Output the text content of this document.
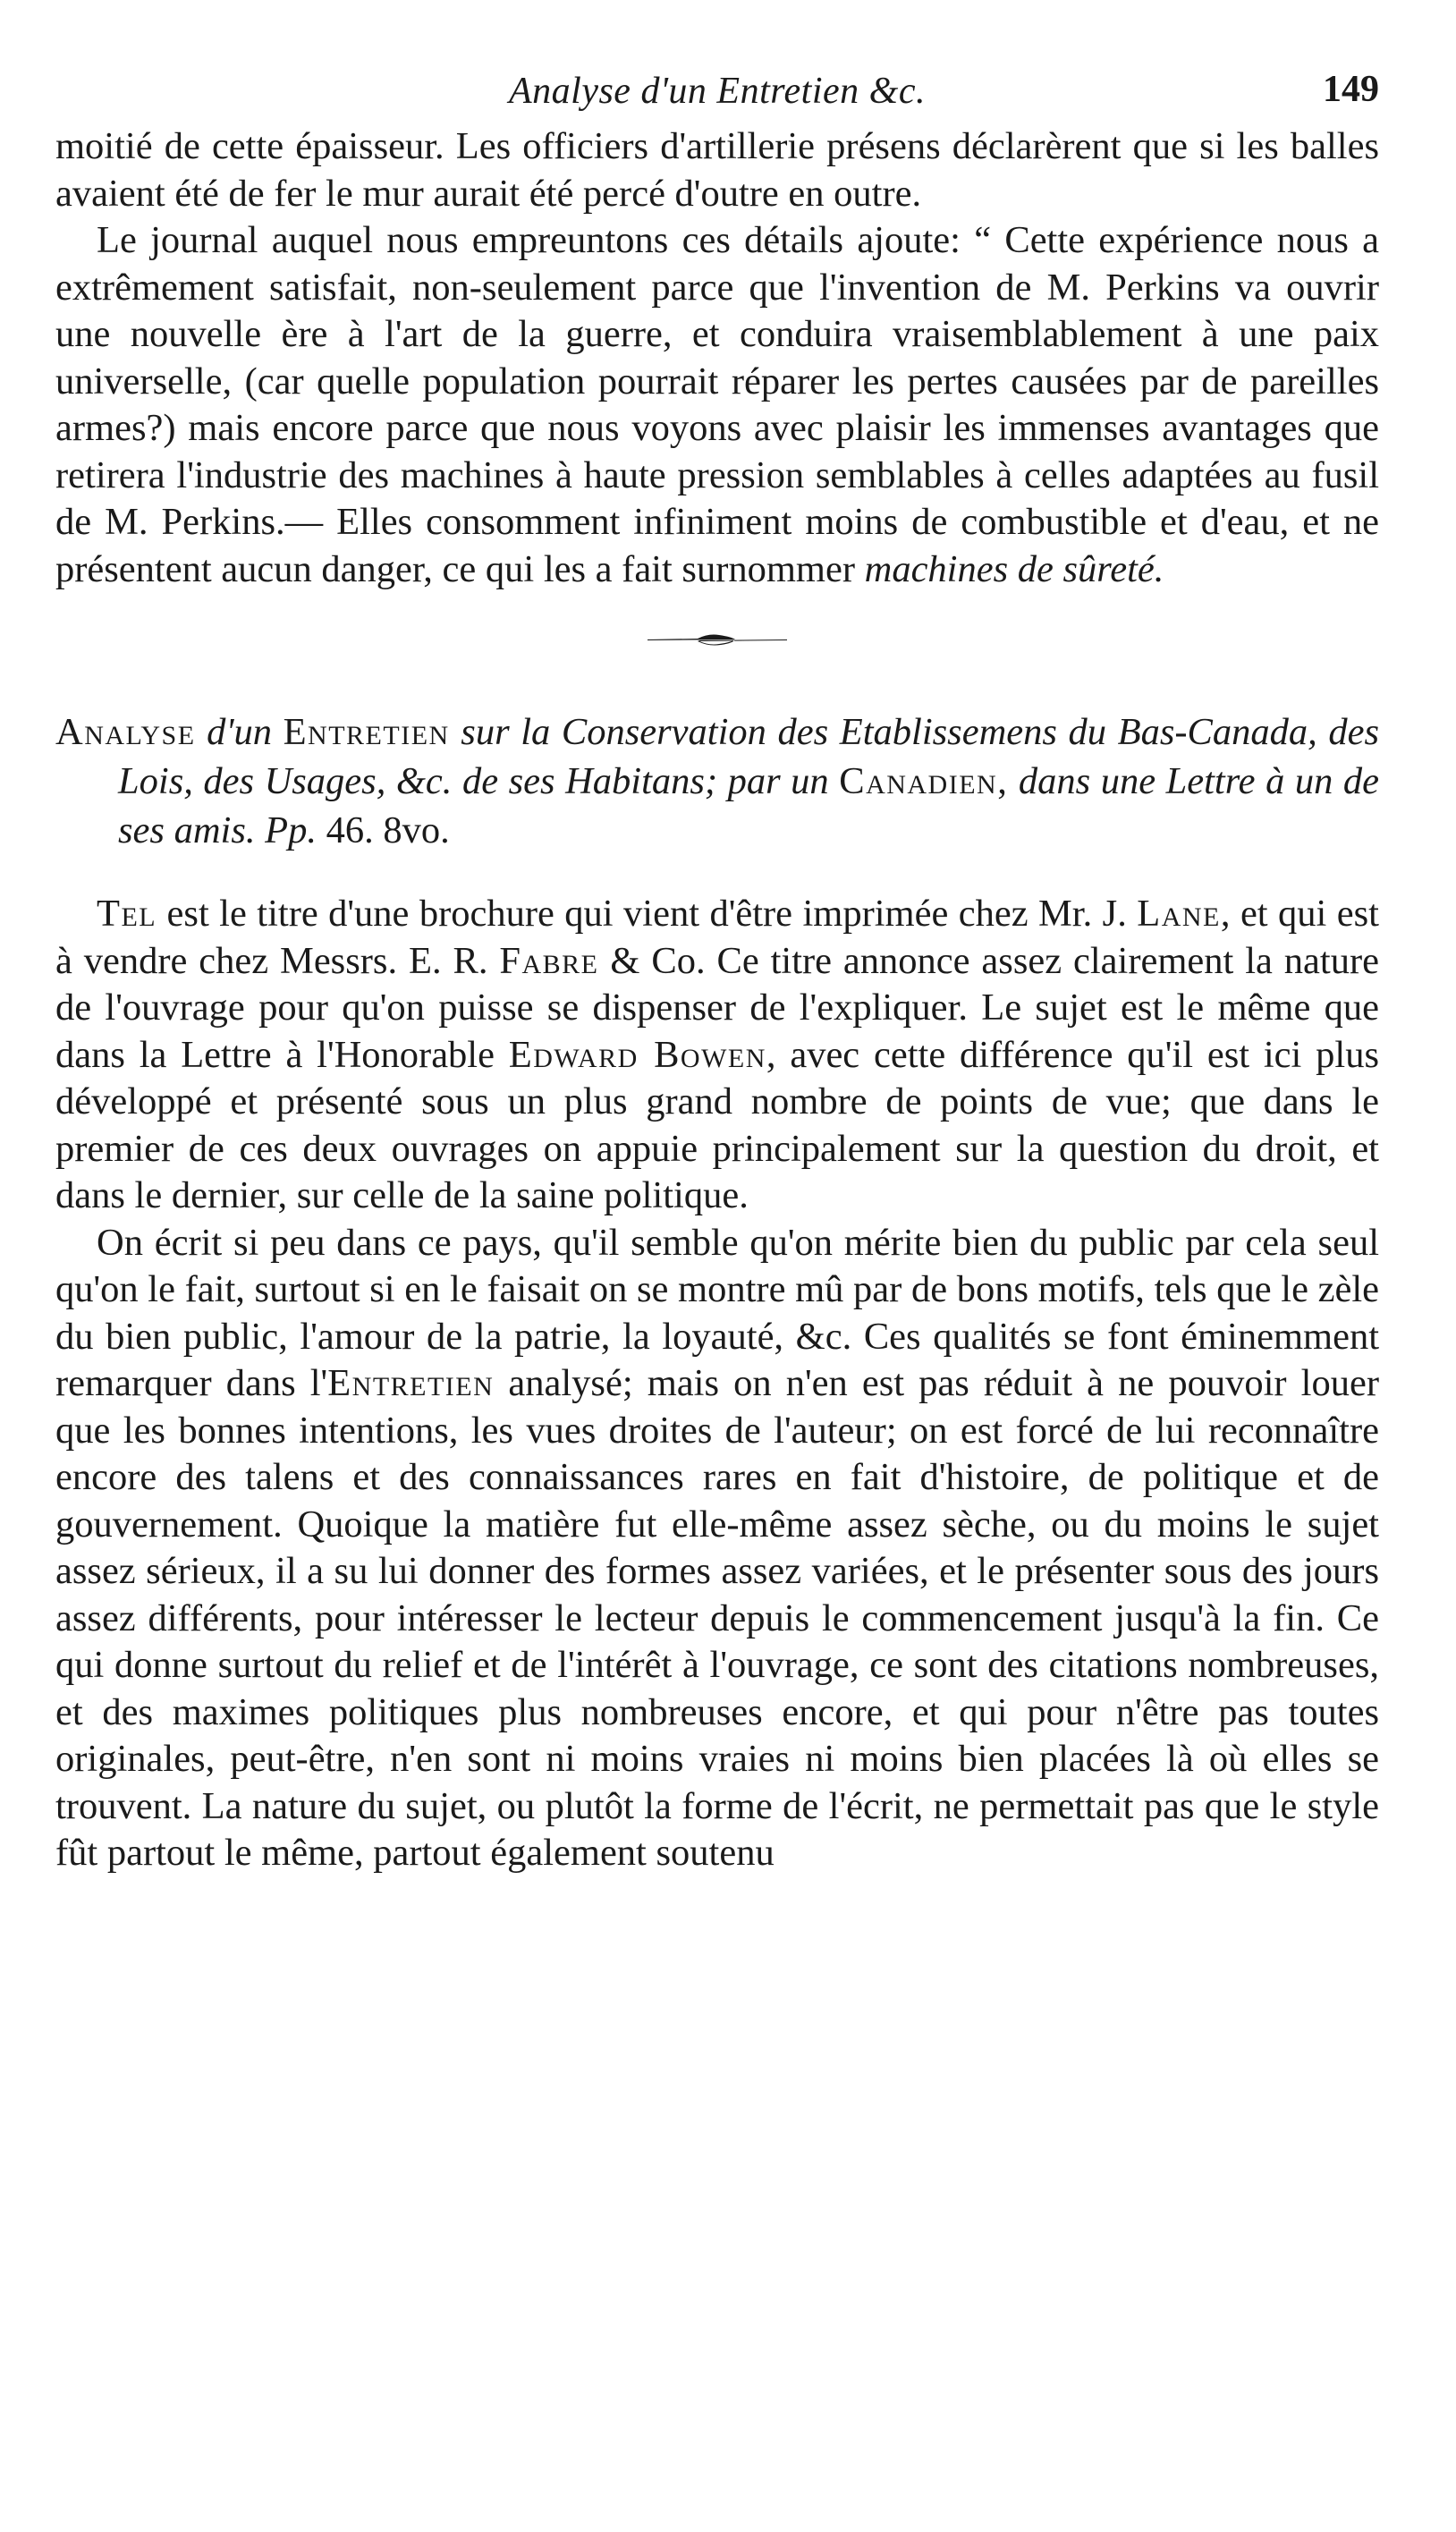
Analyse d'un Entretien &c.	149

moitié de cette épaisseur. Les officiers d'artillerie présens déclarèrent que si les balles avaient été de fer le mur aurait été percé d'outre en outre.

Le journal auquel nous empreuntons ces détails ajoute: “ Cette expérience nous a extrêmement satisfait, non-seulement parce que l'invention de M. Perkins va ouvrir une nouvelle ère à l'art de la guerre, et conduira vraisemblablement à une paix universelle, (car quelle population pourrait réparer les pertes causées par de pareilles armes?) mais encore parce que nous voyons avec plaisir les immenses avantages que retirera l'industrie des machines à haute pression semblables à celles adaptées au fusil de M. Perkins.— Elles consomment infiniment moins de combustible et d'eau, et ne présentent aucun danger, ce qui les a fait surnommer machines de sûreté.

Analyse d'un Entretien sur la Conservation des Etablissemens du Bas-Canada, des Lois, des Usages, &c. de ses Habitans; par un Canadien, dans une Lettre à un de ses amis. Pp. 46. 8vo.

Tel est le titre d'une brochure qui vient d'être imprimée chez Mr. J. Lane, et qui est à vendre chez Messrs. E. R. Fabre & Co. Ce titre annonce assez clairement la nature de l'ouvrage pour qu'on puisse se dispenser de l'expliquer. Le sujet est le même que dans la Lettre à l'Honorable Edward Bowen, avec cette différence qu'il est ici plus développé et présenté sous un plus grand nombre de points de vue; que dans le premier de ces deux ouvrages on appuie principalement sur la question du droit, et dans le dernier, sur celle de la saine politique.

On écrit si peu dans ce pays, qu'il semble qu'on mérite bien du public par cela seul qu'on le fait, surtout si en le faisait on se montre mû par de bons motifs, tels que le zèle du bien public, l'amour de la patrie, la loyauté, &c. Ces qualités se font éminemment remarquer dans l'Entretien analysé; mais on n'en est pas réduit à ne pouvoir louer que les bonnes intentions, les vues droites de l'auteur; on est forcé de lui reconnaître encore des talens et des connaissances rares en fait d'histoire, de politique et de gouvernement. Quoique la matière fut elle-même assez sèche, ou du moins le sujet assez sérieux, il a su lui donner des formes assez variées, et le présenter sous des jours assez différents, pour intéresser le lecteur depuis le commencement jusqu'à la fin. Ce qui donne surtout du relief et de l'intérêt à l'ouvrage, ce sont des citations nombreuses, et des maximes politiques plus nombreuses encore, et qui pour n'être pas toutes originales, peut-être, n'en sont ni moins vraies ni moins bien placées là où elles se trouvent. La nature du sujet, ou plutôt la forme de l'écrit, ne permettait pas que le style fût partout le même, partout également soutenu
